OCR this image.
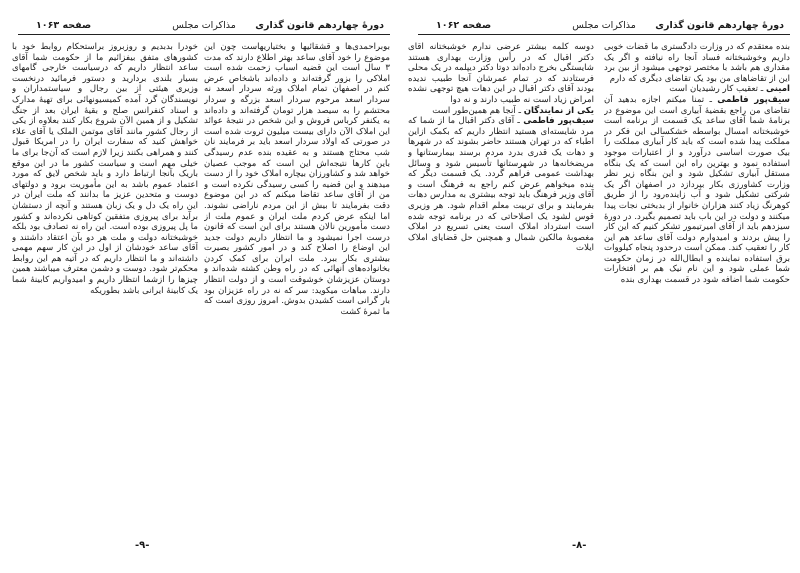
دورهٔ چهاردهم قانون گذاری
مذاکرات مجلس
صفحه ۱۰۶۳

بوبراحمدی‌ها و قشقائیها و بختیاریهاست چون این موضوع را خود آقای ساعد بهتر اطلاع دارند که مدت ۳ سال است این قضیه اسباب زحمت شده است املاکی را بزور گرفته‌اند و داده‌اند باشخاص عرض کنم در اصفهان تمام املاک ورثه سردار اسعد نه سردار اسعد مرحوم سردار اسعد بزرگه و سردار محتشم را به سیصد هزار تومان گرفته‌اند و داده‌اند به یکنفر کرباس فروش و این شخص در نتیجهٔ عوائد این املاک الآن دارای بیست میلیون ثروت شده است در صورتی که اولاد سردار اسعد باید بر فرمایند نان شب محتاج هستند و به عقیده بنده عدم رسیدگی باین کارها نتیجه‌اش این است که موجب عصیان خواهد شد و کشاورزان بیچاره املاک خود را از دست میدهند و این قضیه را کسی رسیدگی نکرده است و من از آقای ساعد تقاضا میکنم که در این موضوع دقت بفرمایند تا بیش از این مردم ناراضی نشوند. اما اینکه عرض کردم ملت ایران و عموم ملت از دست مأمورین نالان هستند برای این است که قانون درست اجرا نمیشود و ما انتظار داریم دولت جدید این اوضاع را اصلاح کند و در امور کشور بصیرت بیشتری بکار ببرد. ملت ایران برای کمک کردن بخانواده‌های آنهائی که در راه وطن کشته شده‌اند و دوستان عزیزشان خوشوقت است و از دولت انتظار دارند. مباهات میکوید: سر که نه در راه عزیزان بود بار گرانی است کشیدن بدوش. امروز روزی است که ما ثمرهٔ کشت

خودرا بدبدیم و روزبروز براستحکام روابط خود با کشورهای متفق بیفزائیم ما از حکومت شما آقای ساعد انتظار داریم که درسیاست خارجی گامهای بسیار بلندی بردارید و دستور فرمائید درنخست وزیری هیئتی از بین رجال و سیاستمداران و نویسندگان گرد آمده کمیسیونهائی برای تهیهٔ مدارک و اسناد کنفرانس صلح و بقیهٔ ایران بعد از جنگ تشکیل و از همین الآن شروع بکار کنند بعلاوه از یکی از رجال کشور مانند آقای موتمن الملک یا آقای علاء خواهش کنید که سفارت ایران را در امریکا قبول کنند و همراهی بکنند زیرا لازم است که آن‌جا برای ما خیلی مهم است و سیاست کشور ما در این موقع باریک بآنجا ارتباط دارد و باید شخص لایق که مورد اعتماد عموم باشد به این مأموریت برود و دولتهای دوست و متحدین عزیز ما بدانند که ملت ایران در این راه یک دل و یک زبان هستند و آنچه از دستشان برآید برای پیروزی متفقین کوتاهی نکرده‌اند و کشور ما پل پیروزی بوده است. این راه نه تصادف بود بلکه خوشبختانه دولت و ملت هر دو بآن اعتقاد داشتند و آقای ساعد خودشان از اول در این کار سهم مهمی داشته‌اند و ما انتظار داریم که در آتیه هم این روابط محکم‌تر شود. دوست و دشمن معترف میباشند همین چیزها را ازشما انتظار داریم و امیدواریم کابینهٔ شما یک کابینهٔ ایرانی باشد بطوریکه

-۹-
دورهٔ چهاردهم قانون گذاری
مذاکرات مجلس
صفحه ۱۰۶۲

بنده معتقدم که در وزارت دادگستری ما قضات خوبی داریم وخوشبختانه فساد آنجا راه نیافته و اگر یک مقداری هم باشد با مختصر توجهی میشود از بین برد این از تقاضاهای من بود یک تقاضای دیگری که دارم

امینی ـ تعقیب کار رشیدیان است

سیف‌پور فاطمی ـ تمنا میکنم اجازه بدهید آن تقاضای من راجع بقضیهٔ آبیاری است این موضوع در برنامهٔ شما آقای ساعد یک قسمت از برنامه است خوشبختانه امسال بواسطه خشکسالی این فکر در مملکت پیدا شده است که باید کار آبیاری مملکت را بیک صورت اساسی درآورد و از اعتبارات موجود استفاده نمود و بهترین راه این است که یک بنگاه مستقل آبیاری تشکیل شود و این بنگاه زیر نظر وزارت کشاورزی بکار بپردازد در اصفهان اگر یک شرکتی تشکیل شود و آب زاینده‌رود را از طریق کوهرنگ زیاد کنند هزاران خانوار از بدبختی نجات پیدا میکنند و دولت در این باب باید تصمیم بگیرد. در دورهٔ سیزدهم باید از آقای امیرتیمور تشکر کنیم که این کار را پیش بردند و امیدوارم دولت آقای ساعد هم این کار را تعقیب کند. ممکن است درحدود پنجاه کیلووات برق استفاده نماینده و ابطال‌الله در زمان حکومت شما عملی شود و این نام نیک هم بر افتخارات حکومت شما اضافه شود در قسمت بهداری بنده

دوسه کلمه بیشتر عرضی ندارم خوشبختانه آقای دکتر اقبال که در رأس وزارت بهداری هستند شایستگی بخرج داده‌اند دوتا دکتر دیپلمه در یک محلی فرستادند که در تمام عمرشان آنجا طبیب ندیده بودند آقای دکتر اقبال در این دهات هیچ توجهی نشده امراض زیاد است نه طبیب دارند و نه دوا

یکی از نمایندگان ـ آنجا هم همین‌طور است

سیف‌پور فاطمی ـ آقای دکتر اقبال ما از شما که مرد شایسته‌ای هستید انتظار داریم که بکمک ازاین اطباء که در تهران هستند حاضر بشوند که در شهرها و دهات یک قدری بدرد مردم برسند بیمارستانها و مریضخانه‌ها در شهرستانها تأسیس شود و وسائل بهداشت عمومی فراهم گردد. یک قسمت دیگر که بنده میخواهم عرض کنم راجع به فرهنگ است و آقای وزیر فرهنگ باید توجه بیشتری به مدارس دهات بفرمایند و برای تربیت معلم اقدام شود. هر وزیری قوس لشود یک اصلاحاتی که در برنامه توجه شده است استرداد املاک است یعنی تسریع در املاک مغصوبهٔ مالکین شمال و همچنین حل قضایای املاک ایلات

-۸-
